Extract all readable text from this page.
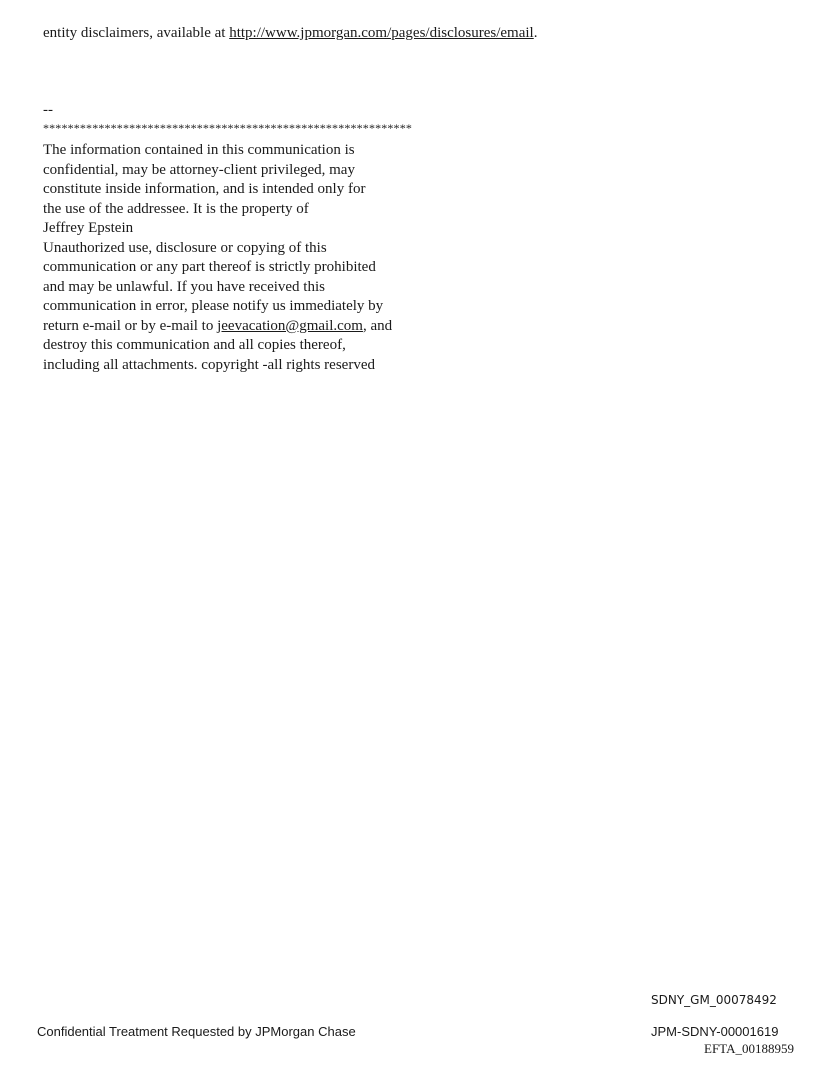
entity disclaimers, available at http://www.jpmorgan.com/pages/disclosures/email.
--
************************************************************
The information contained in this communication is
confidential, may be attorney-client privileged, may
constitute inside information, and is intended only for
the use of the addressee. It is the property of
Jeffrey Epstein
Unauthorized use, disclosure or copying of this
communication or any part thereof is strictly prohibited
and may be unlawful. If you have received this
communication in error, please notify us immediately by
return e-mail or by e-mail to jeevacation@gmail.com, and
destroy this communication and all copies thereof,
including all attachments. copyright -all rights reserved
SDNY_GM_00078492
Confidential Treatment Requested by JPMorgan Chase	JPM-SDNY-00001619
EFTA_00188959
